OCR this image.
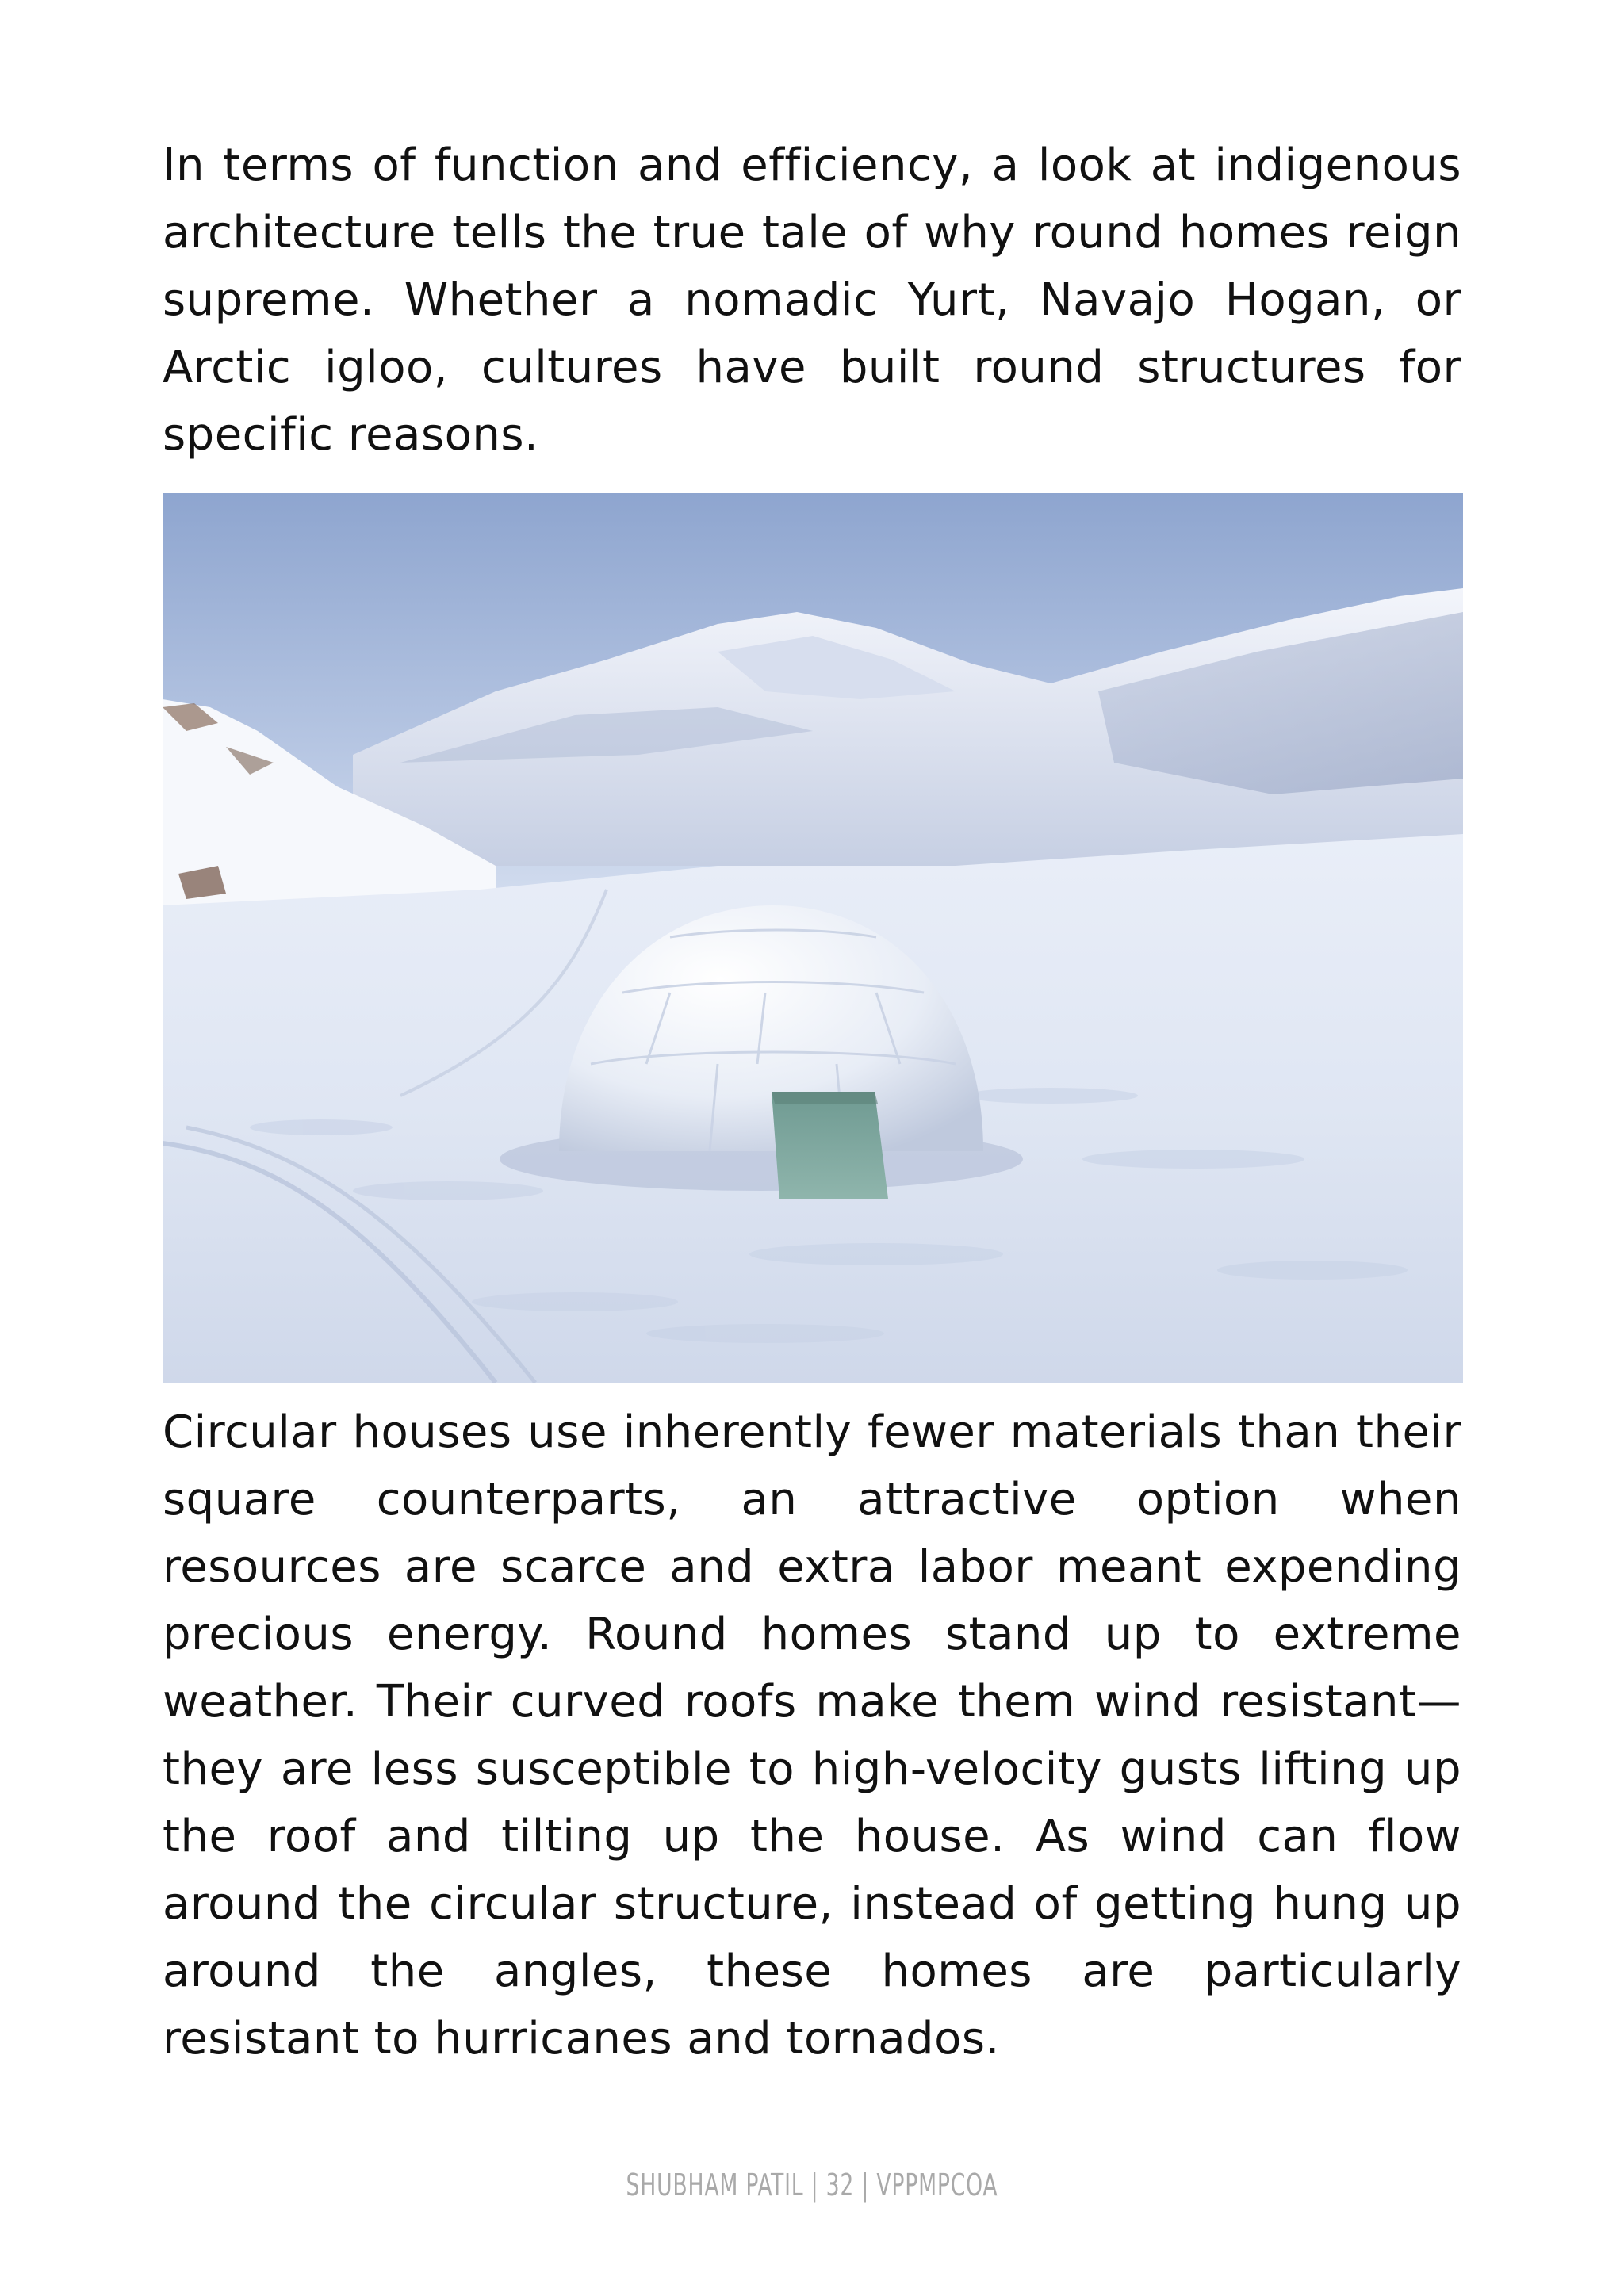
In terms of function and efficiency, a look at indigenous architecture tells the true tale of why round homes reign supreme. Whether a nomadic Yurt, Navajo Hogan, or Arctic igloo, cultures have built round structures for specific reasons.

Circular houses use inherently fewer materials than their square counterparts, an attractive option when resources are scarce and extra labor meant expending precious energy. Round homes stand up to extreme weather. Their curved roofs make them wind resistant— they are less susceptible to high-velocity gusts lifting up the roof and tilting up the house. As wind can flow around the circular structure, instead of getting hung up around the angles, these homes are particularly resistant to hurricanes and tornados.

SHUBHAM PATIL | 32 | VPPMPCOA
